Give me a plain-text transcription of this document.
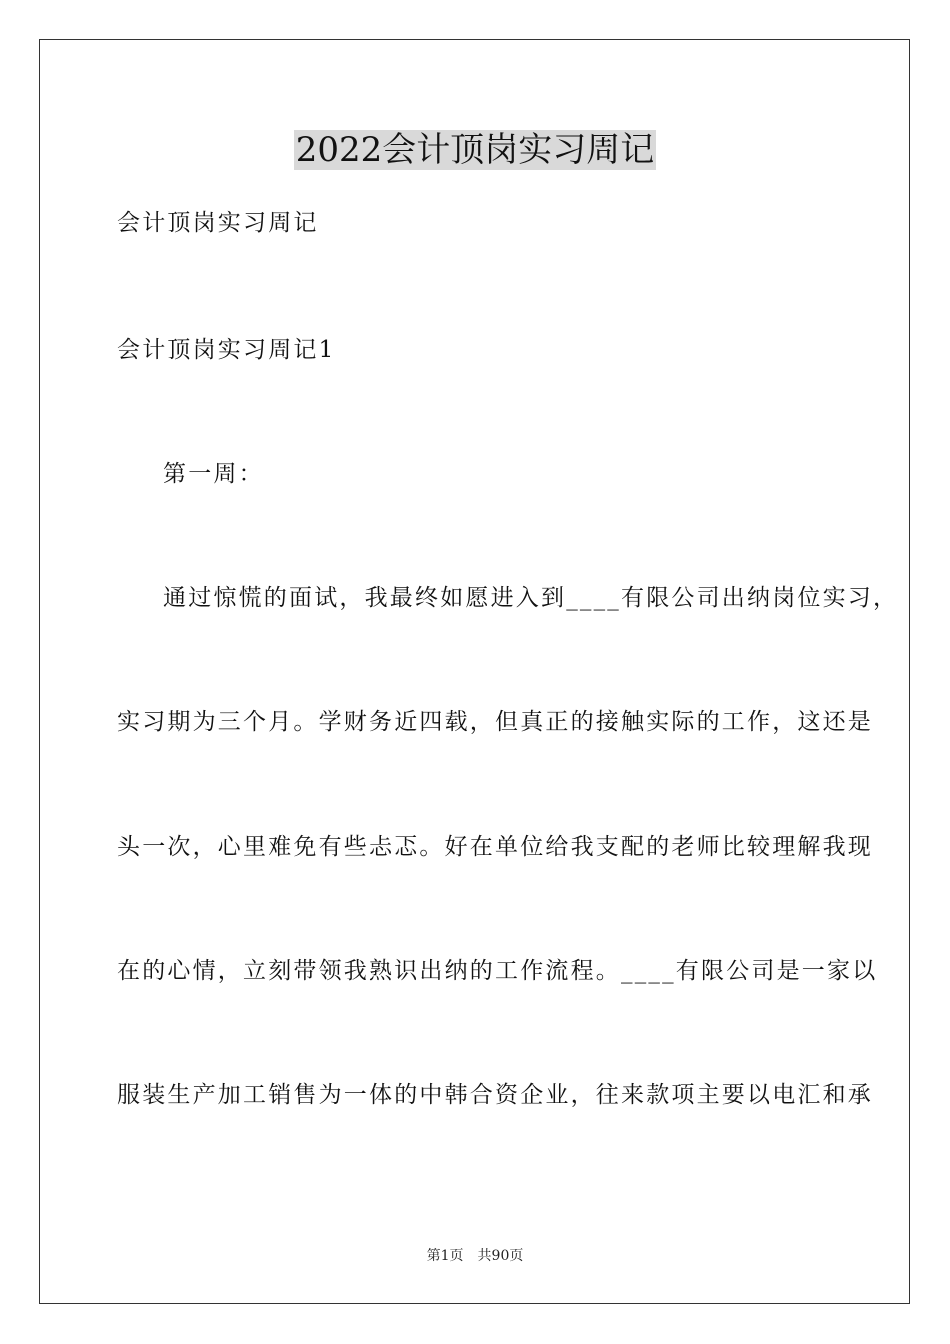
2022会计顶岗实习周记
会计顶岗实习周记
会计顶岗实习周记1
第一周：
通过惊慌的面试，我最终如愿进入到____有限公司出纳岗位实习，
实习期为三个月。学财务近四载，但真正的接触实际的工作，这还是
头一次，心里难免有些忐忑。好在单位给我支配的老师比较理解我现
在的心情，立刻带领我熟识出纳的工作流程。____有限公司是一家以
服装生产加工销售为一体的中韩合资企业，往来款项主要以电汇和承
第1页 共90页
